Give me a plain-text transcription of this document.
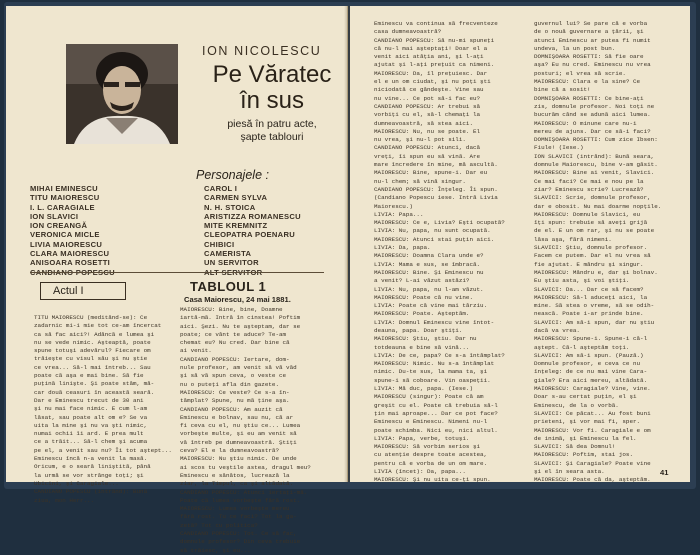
ION NICOLESCU
Pe Văratec
în sus
piesă în patru acte,
şapte tablouri
Personajele :
MIHAI EMINESCU
TITU MAIORESCU
I. L. CARAGIALE
ION SLAVICI
ION CREANGĂ
VERONICA MICLE
LIVIA MAIORESCU
CLARA MAIORESCU
ANISOARA ROSETTI
CAROL I
CARMEN SYLVA
N. H. STOICA
ARISTIZZA ROMANESCU
MITE KREMNITZ
CLEOPATRA POENARU
CHIBICI
CAMERISTA
UN SERVITOR
Actul I	TABLOUL 1
Casa Maiorescu, 24 mai 1881.
TITU MAIORESCU (meditând-se): Ce
zadarnic mi-i mie tot ce-am încercat
ca să fac aici?! Adâncă e lumea şi
nu se vede nimic. Aşteaptă, poate
spune totuşi adevărul? Fiecare om
trăieşte cu visul său şi nu ştie
ce vrea... Să-l mai întreb... Sau
poate că aşa e mai bine. Să fie
puţină linişte. Şi poate stăm, mă-
car două ceasuri în această seară.
Dar e Eminescu trecut de 30 ani
şi nu mai face nimic. E cum l-am
lăsat, sau poate alt om e? Se va
uita la mine şi nu va şti nimic,
numai ochii îi ard. E prea mult
ce a trăit... Să-l chem şi acuma
pe el, a venit sau nu? Îi tot aştept...
Eminescu încă n-a venit la masă.
Oricum, e o seară liniştită, până
la urmă se vor strânge toţi; şi
Ubicini, şi Caragiale...
CANDIANO POPESCU (intrând): Bună
ziua, mon Herr...
MAIORESCU: Bine, bine, Doamne
iartă-mă. Intră în cinstea! Poftim
aici. Şezi. Nu te aşteptam, dar se
poate; ce vânt te aduce? Te-am
chemat eu? Nu cred. Dar bine că
ai venit.
CANDIANO POPESCU: Iertare, dom-
nule profesor, am venit să vă văd
şi să vă spun ceva, o veste ce
nu o puteţi afla din gazete.
MAIORESCU: Ce veste? Ce s-a în-
tâmplat? Spune, nu mă ţine aşa.
CANDIANO POPESCU: Am auzit că
Eminescu e bolnav, sau nu, că ar
fi ceva cu el, nu ştiu ce... Lumea
vorbeşte multe, şi eu am venit să
vă întreb pe dumneavoastră. Ştiţi
ceva? El e la dumneavoastră?
MAIORESCU: Nu ştiu nimic. De unde
ai scos tu veştile astea, dragul meu?
Eminescu e sănătos, lucrează la
ziar, la Timpul, ca şi altădată.
CANDIANO POPESCU: Atunci iertaţi-mă.
Poate că lumea vorbeşte fără rost.
MAIORESCU: Lumea vorbeşte mereu
fără rost. Tu ce faci? Tot la ga-
zetă? Tot cu politica?
CANDIANO POPESCU: Tot. Ce să fac,
domnule profesor? Din ceva trebuie
să trăiesc, şi eu...
Eminescu va continua să frecventeze
casa dumneavoastră?
CANDIANO POPESCU: Să nu-mi spuneţi
că nu-l mai aşteptaţi! Doar el a
venit aici atâţia ani, şi l-aţi
ajutat şi l-aţi preţuit ca nimeni.
MAIORESCU: Da, îl preţuiesc. Dar
el e un om ciudat, şi nu poţi şti
niciodată ce gândeşte. Vine sau
nu vine... Ce pot să-i fac eu?
CANDIANO POPESCU: Ar trebui să
vorbiţi cu el, să-l chemaţi la
dumneavoastră, să stea aici.
MAIORESCU: Nu, nu se poate. El
nu vrea, şi nu-l pot sili.
CANDIANO POPESCU: Atunci, dacă
vreţi, îi spun eu să vină. Are
mare încredere în mine, mă ascultă.
MAIORESCU: Bine, spune-i. Dar eu
nu-l chem; să vină singur.
CANDIANO POPESCU: Înţeleg. Îi spun.
(Candiano Popescu iese. Intră Livia
Maiorescu.)
LIVIA: Papa...
MAIORESCU: Ce e, Livia? Eşti ocupată?
LIVIA: Nu, papa, nu sunt ocupată.
MAIORESCU: Atunci stai puţin aici.
LIVIA: Da, papa.
MAIORESCU: Doamna Clara unde e?
LIVIA: Mama e sus, se îmbracă.
MAIORESCU: Bine. Şi Eminescu nu
a venit? L-ai văzut astăzi?
LIVIA: Nu, papa, nu l-am văzut.
MAIORESCU: Poate că nu vine.
LIVIA: Poate că vine mai târziu.
MAIORESCU: Poate. Aşteptăm.
LIVIA: Domnul Eminescu vine întot-
deauna, papa. Doar ştiţi.
MAIORESCU: Ştiu, ştiu. Dar nu
totdeauna e bine să vină...
LIVIA: De ce, papa? Ce s-a întâmplat?
MAIORESCU: Nimic. Nu s-a întâmplat
nimic. Du-te sus, la mama ta, şi
spune-i să coboare. Vin oaspeţii.
LIVIA: Mă duc, papa. (Iese.)
MAIORESCU (singur): Poate că am
greşit cu el. Poate că trebuia să-l
ţin mai aproape... Dar ce pot face?
Eminescu e Eminescu. Nimeni nu-l
poate schimba. Nici eu, nici altul.
LIVIA: Papa, verbe, totuşi.
MAIORESCU: Să vorbim serios şi
cu atenţie despre toate acestea,
pentru că e vorba de un om mare.
LIVIA (încet): Da, papa...
MAIORESCU: Şi nu uita ce-ţi spun.
guvernul lui? Se pare că e vorba
de o nouă guvernare a ţării, şi
atunci Eminescu ar putea fi numit
undeva, la un post bun.
DOMNIŞOARA ROSETTI: Să fie oare
aşa? Eu nu cred. Eminescu nu vrea
posturi; el vrea să scrie.
MAIORESCU: Clara e la sine? Ce
bine că a sosit!
DOMNIŞOARA ROSETTI: Ce bine-aţi
zis, domnule profesor. Noi toţi ne
bucurăm când se adună aici lumea.
MAIORESCU: O minune care nu-i
mereu de ajuns. Dar ce să-i faci?
DOMNIŞOARA ROSETTI: Cum zice Ibsen:
Fiule! (Iese.)
ION SLAVICI (intrând): Bună seara,
domnule Maiorescu, bine v-am găsit.
MAIORESCU: Bine ai venit, Slavici.
Ce mai faci? Ce mai e nou pe la
ziar? Eminescu scrie? Lucrează?
SLAVICI: Scrie, domnule profesor,
dar e obosit. Nu mai doarme nopţile.
MAIORESCU: Domnule Slavici, eu
îţi spun: trebuie să aveţi grijă
de el. E un om rar, şi nu se poate
lăsa aşa, fără nimeni.
SLAVICI: Ştiu, domnule profesor.
Facem ce putem. Dar el nu vrea să
fie ajutat. E mândru şi singur.
MAIORESCU: Mândru e, dar şi bolnav.
Eu ştiu asta, şi voi ştiţi.
SLAVICI: Da... Dar ce să facem?
MAIORESCU: Să-l aduceţi aici, la
mine. Să stea o vreme, să se odih-
nească. Poate i-ar prinde bine.
SLAVICI: Am să-i spun, dar nu ştiu
dacă va vrea.
MAIORESCU: Spune-i. Spune-i că-l
aştept. Că-l aşteptăm toţi.
SLAVICI: Am să-i spun. (Pauză.)
Domnule profesor, e ceva ce nu
înţeleg: de ce nu mai vine Cara-
giale? Era aici mereu, altădată.
MAIORESCU: Caragiale? Vine, vine.
Doar s-au certat puţin, el şi
Eminescu, de la o vorbă.
SLAVICI: Ce păcat... Au fost buni
prieteni, şi vor mai fi, sper.
MAIORESCU: Vor fi. Caragiale e om
de inimă, şi Eminescu la fel.
SLAVICI: Să dea Domnul!
MAIORESCU: Poftim, stai jos.
SLAVICI: Şi Caragiale? Poate vine
şi el în seara asta.
MAIORESCU: Poate că da, aşteptăm.
41
